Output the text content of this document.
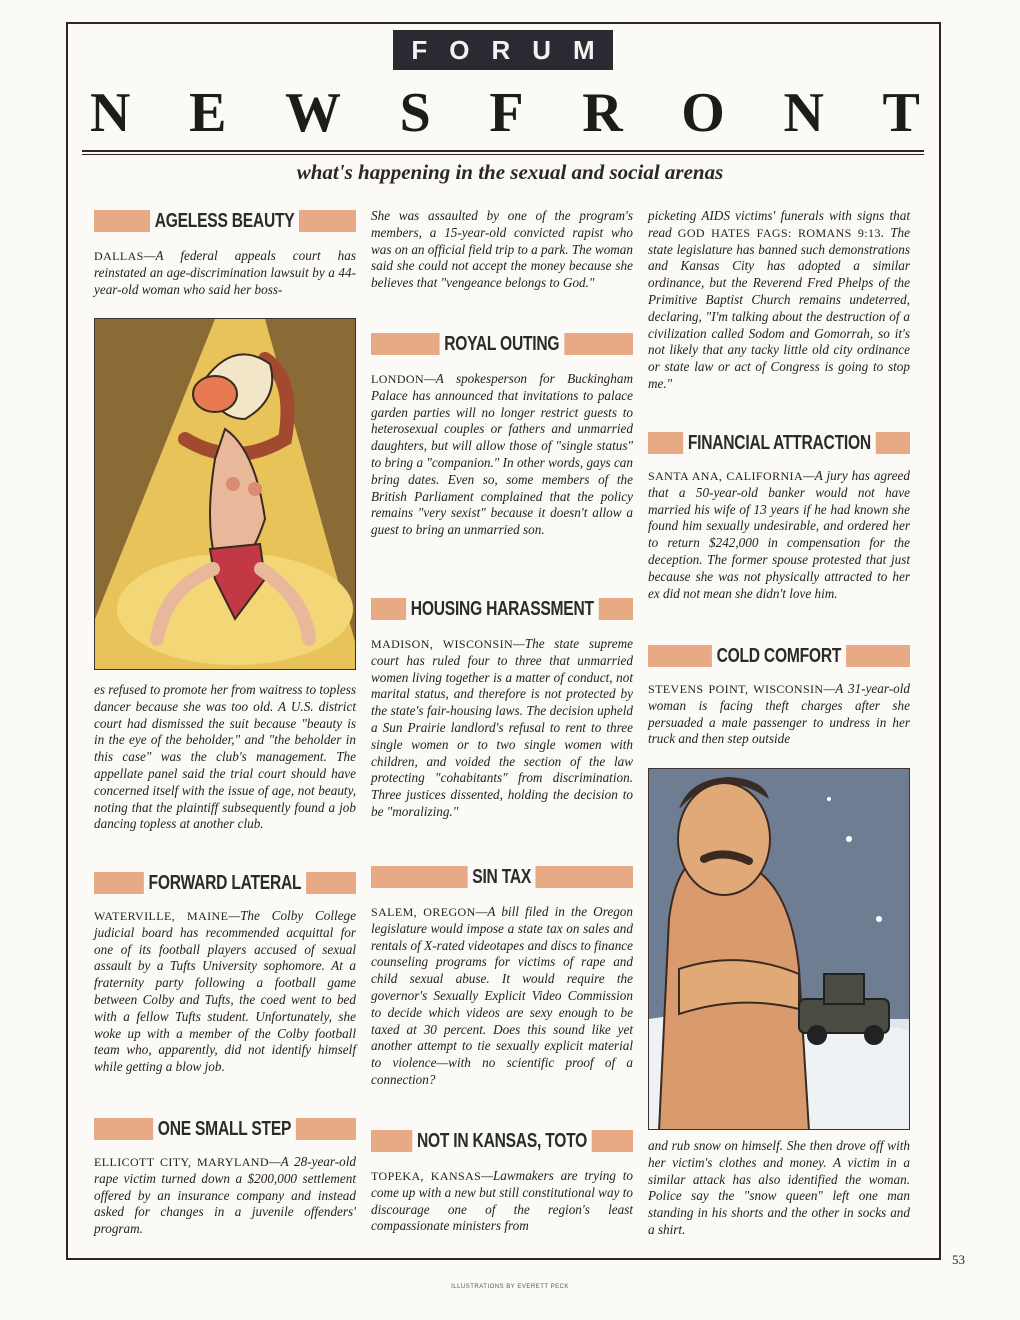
FORUM
N E W S F R O N T
what's happening in the sexual and social arenas
AGELESS BEAUTY

DALLAS—A federal appeals court has reinstated an age-discrimination lawsuit by a 44-year-old woman who said her boss-

es refused to promote her from waitress to topless dancer because she was too old. A U.S. district court had dismissed the suit because "beauty is in the eye of the beholder," and "the beholder in this case" was the club's management. The appellate panel said the trial court should have concerned itself with the issue of age, not beauty, noting that the plaintiff subsequently found a job dancing topless at another club.

FORWARD LATERAL

WATERVILLE, MAINE—The Colby College judicial board has recommended acquittal for one of its football players accused of sexual assault by a Tufts University sophomore. At a fraternity party following a football game between Colby and Tufts, the coed went to bed with a fellow Tufts student. Unfortunately, she woke up with a member of the Colby football team who, apparently, did not identify himself while getting a blow job.

ONE SMALL STEP

ELLICOTT CITY, MARYLAND—A 28-year-old rape victim turned down a $200,000 settlement offered by an insurance company and instead asked for changes in a juvenile offenders' program.

She was assaulted by one of the program's members, a 15-year-old convicted rapist who was on an official field trip to a park. The woman said she could not accept the money because she believes that "vengeance belongs to God."

ROYAL OUTING

LONDON—A spokesperson for Buckingham Palace has announced that invitations to palace garden parties will no longer restrict guests to heterosexual couples or fathers and unmarried daughters, but will allow those of "single status" to bring a "companion." In other words, gays can bring dates. Even so, some members of the British Parliament complained that the policy remains "very sexist" because it doesn't allow a guest to bring an unmarried son.

HOUSING HARASSMENT

MADISON, WISCONSIN—The state supreme court has ruled four to three that unmarried women living together is a matter of conduct, not marital status, and therefore is not protected by the state's fair-housing laws. The decision upheld a Sun Prairie landlord's refusal to rent to three single women or to two single women with children, and voided the section of the law protecting "cohabitants" from discrimination. Three justices dissented, holding the decision to be "moralizing."

SIN TAX

SALEM, OREGON—A bill filed in the Oregon legislature would impose a state tax on sales and rentals of X-rated videotapes and discs to finance counseling programs for victims of rape and child sexual abuse. It would require the governor's Sexually Explicit Video Commission to decide which videos are sexy enough to be taxed at 30 percent. Does this sound like yet another attempt to tie sexually explicit material to violence—with no scientific proof of a connection?

NOT IN KANSAS, TOTO

TOPEKA, KANSAS—Lawmakers are trying to come up with a new but still constitutional way to discourage one of the region's least compassionate ministers from

picketing AIDS victims' funerals with signs that read GOD HATES FAGS: ROMANS 9:13. The state legislature has banned such demonstrations and Kansas City has adopted a similar ordinance, but the Reverend Fred Phelps of the Primitive Baptist Church remains undeterred, declaring, "I'm talking about the destruction of a civilization called Sodom and Gomorrah, so it's not likely that any tacky little old city ordinance or state law or act of Congress is going to stop me."

FINANCIAL ATTRACTION

SANTA ANA, CALIFORNIA—A jury has agreed that a 50-year-old banker would not have married his wife of 13 years if he had known she found him sexually undesirable, and ordered her to return $242,000 in compensation for the deception. The former spouse protested that just because she was not physically attracted to her ex did not mean she didn't love him.

COLD COMFORT

STEVENS POINT, WISCONSIN—A 31-year-old woman is facing theft charges after she persuaded a male passenger to undress in her truck and then step outside

and rub snow on himself. She then drove off with her victim's clothes and money. A victim in a similar attack has also identified the woman. Police say the "snow queen" left one man standing in his shorts and the other in socks and a shirt.

53
ILLUSTRATIONS BY EVERETT PECK
